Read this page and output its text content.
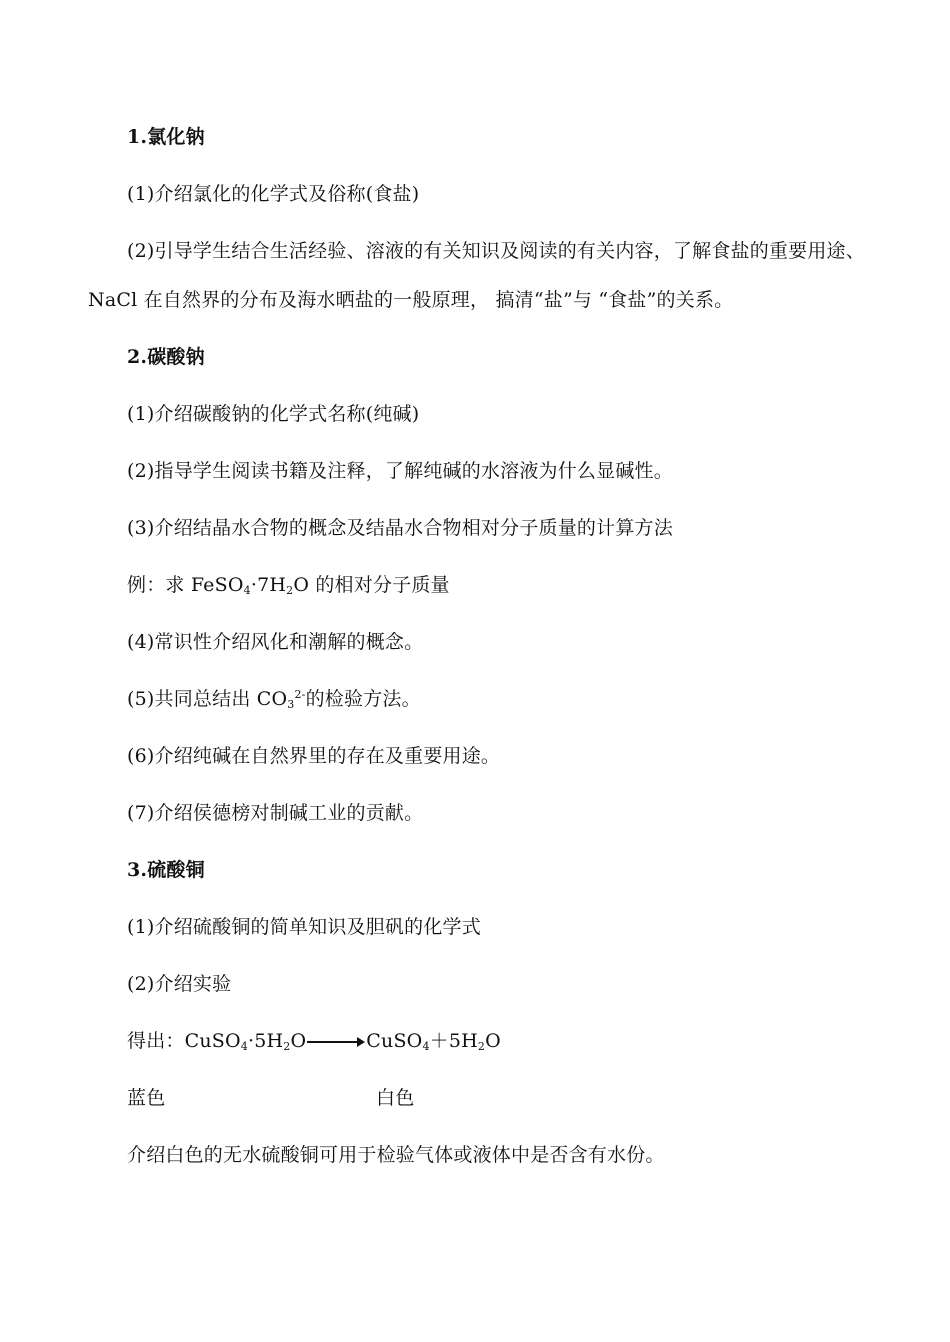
1.氯化钠
(1)介绍氯化的化学式及俗称(食盐)
(2)引导学生结合生活经验、溶液的有关知识及阅读的有关内容，了解食盐的重要用途、
NaCl 在自然界的分布及海水晒盐的一般原理， 搞清“盐”与 “食盐”的关系。
2.碳酸钠
(1)介绍碳酸钠的化学式名称(纯碱)
(2)指导学生阅读书籍及注释，了解纯碱的水溶液为什么显碱性。
(3)介绍结晶水合物的概念及结晶水合物相对分子质量的计算方法
例：求 $FeSO_4\cdot 7H_2O$ 的相对分子质量
(4)常识性介绍风化和潮解的概念。
(5)共同总结出 $CO_3^{2-}$的检验方法。
(6)介绍纯碱在自然界里的存在及重要用途。
(7)介绍侯德榜对制碱工业的贡献。
3.硫酸铜
(1)介绍硫酸铜的简单知识及胆矾的化学式
(2)介绍实验
得出：$CuSO_4\cdot 5H_2O$	$CuSO_4+5H_2O$
蓝色	白色
介绍白色的无水硫酸铜可用于检验气体或液体中是否含有水份。
